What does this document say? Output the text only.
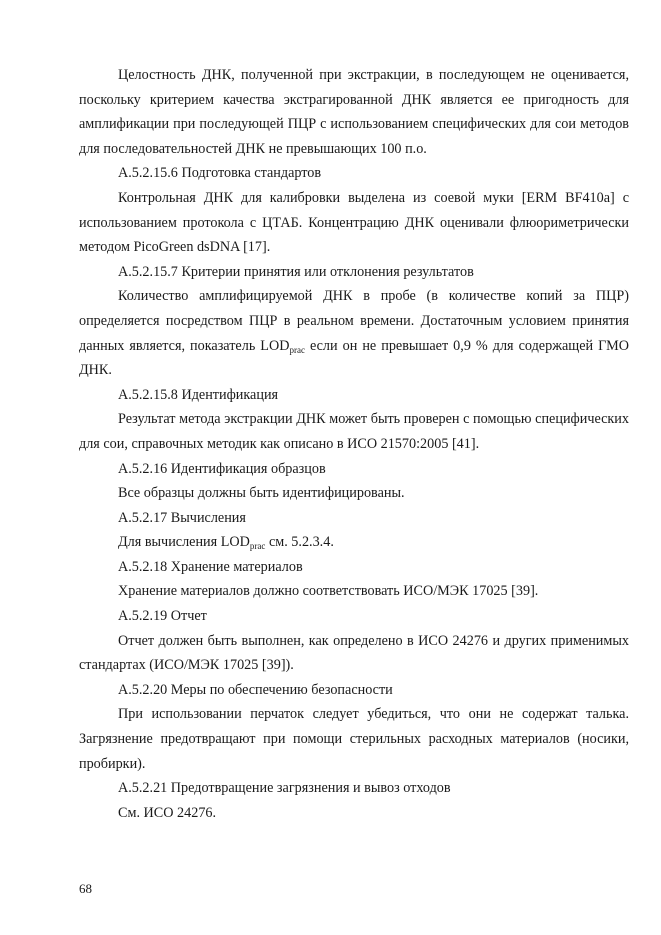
Целостность ДНК, полученной при экстракции, в последующем не оценивается, поскольку критерием качества экстрагированной ДНК является ее пригодность для амплификации при последующей ПЦР с использованием специфических для сои методов для последовательностей ДНК не превышающих 100 п.о.

А.5.2.15.6 Подготовка стандартов

Контрольная ДНК для калибровки выделена из соевой муки [ERM BF410a] с использованием протокола с ЦТАБ. Концентрацию ДНК оценивали флюориметрически методом PicoGreen dsDNA [17].

А.5.2.15.7 Критерии принятия или отклонения результатов

Количество амплифицируемой ДНК в пробе (в количестве копий за ПЦР) определяется посредством ПЦР в реальном времени. Достаточным условием принятия данных является, показатель $LOD_{prac}$ если он не превышает 0,9 % для содержащей ГМО ДНК.

А.5.2.15.8 Идентификация

Результат метода экстракции ДНК может быть проверен с помощью специфических для сои, справочных методик как описано в ИСО 21570:2005 [41].

А.5.2.16 Идентификация образцов

Все образцы должны быть идентифицированы.

А.5.2.17 Вычисления

Для вычисления $LOD_{prac}$ см. 5.2.3.4.

А.5.2.18 Хранение материалов

Хранение материалов должно соответствовать ИСО/МЭК 17025 [39].

А.5.2.19 Отчет

Отчет должен быть выполнен, как определено в ИСО 24276 и других применимых стандартах (ИСО/МЭК 17025 [39]).

А.5.2.20 Меры по обеспечению безопасности

При использовании перчаток следует убедиться, что они не содержат талька. Загрязнение предотвращают при помощи стерильных расходных материалов (носики, пробирки).

А.5.2.21 Предотвращение загрязнения и вывоз отходов

См. ИСО 24276.

68
